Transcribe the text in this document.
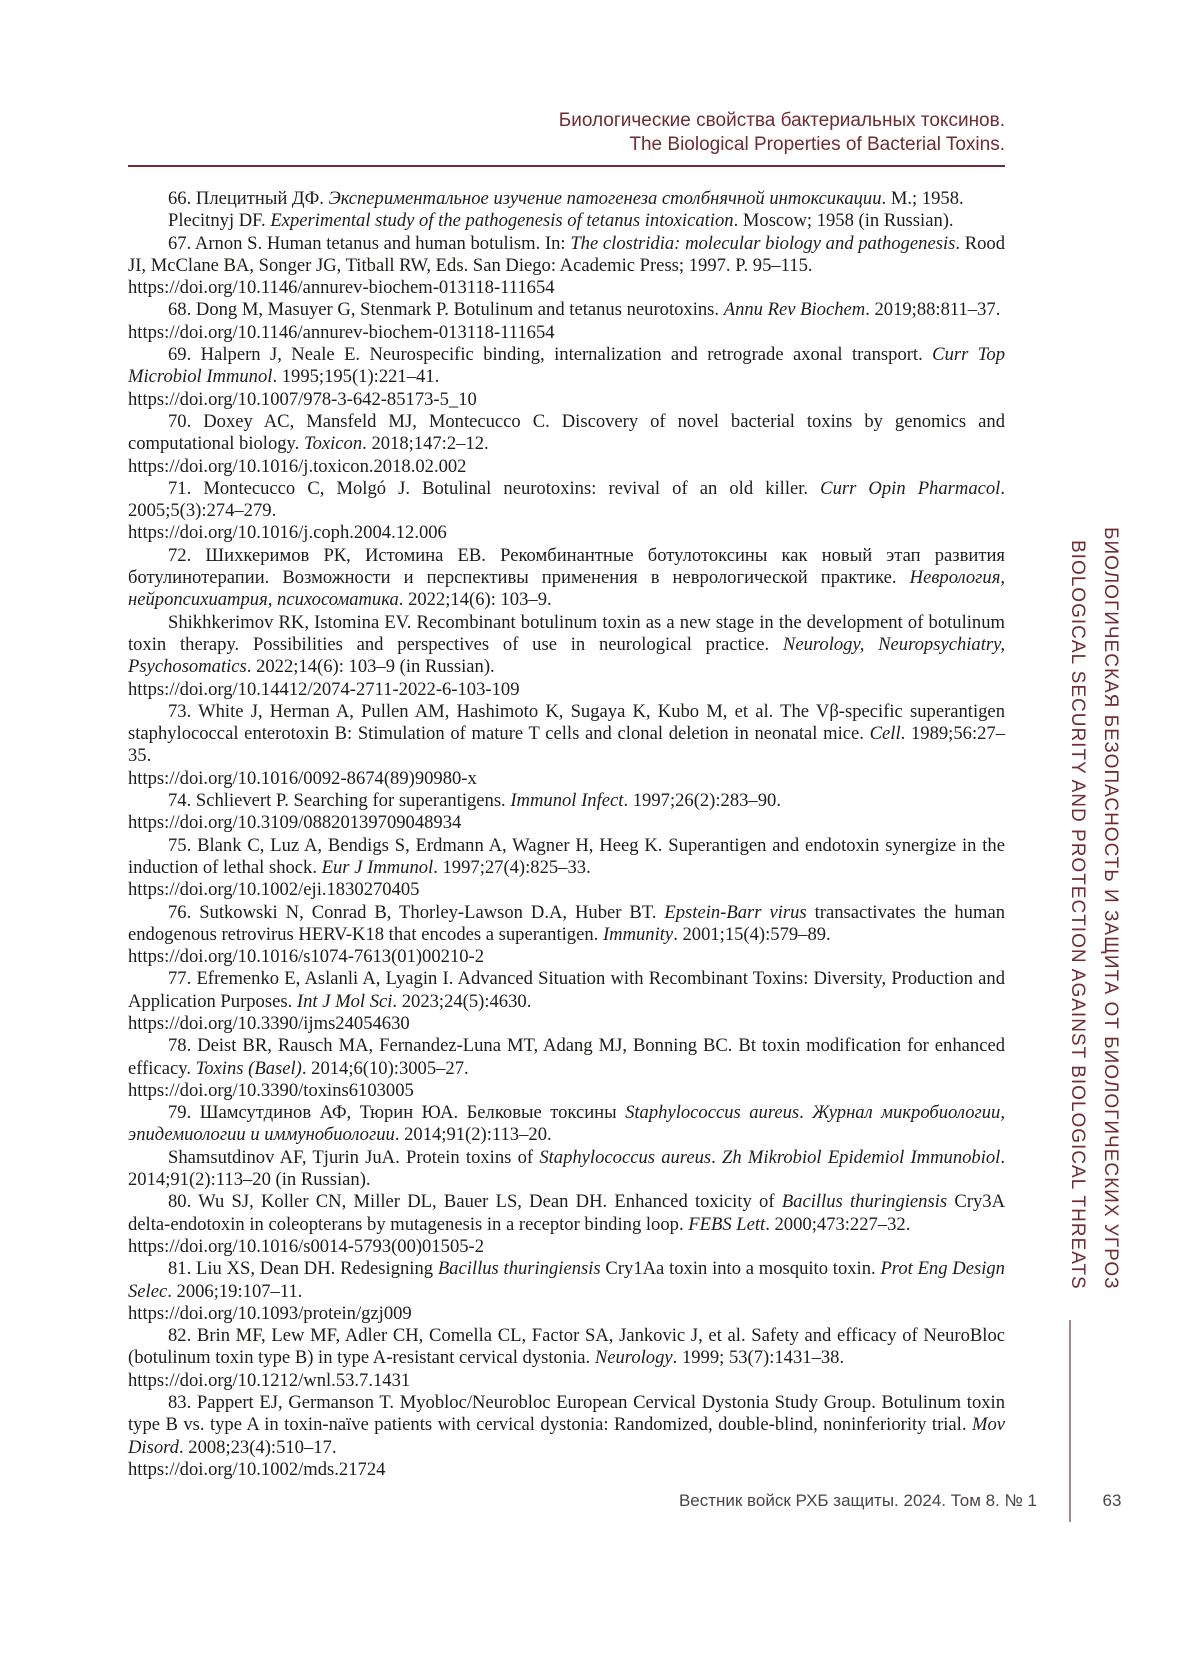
Биологические свойства бактериальных токсинов.
The Biological Properties of Bacterial Toxins.

66. Плецитный ДФ. Экспериментальное изучение патогенеза столбнячной интоксикации. М.; 1958.

Plecitnyj DF. Experimental study of the pathogenesis of tetanus intoxication. Moscow; 1958 (in Russian).

67. Arnon S. Human tetanus and human botulism. In: The clostridia: molecular biology and pathogenesis. Rood JI, McClane BA, Songer JG, Titball RW, Eds. San Diego: Academic Press; 1997. P. 95–115.

https://doi.org/10.1146/annurev-biochem-013118-111654

68. Dong M, Masuyer G, Stenmark P. Botulinum and tetanus neurotoxins. Annu Rev Biochem. 2019;88:811–37.

https://doi.org/10.1146/annurev-biochem-013118-111654

69. Halpern J, Neale E. Neurospecific binding, internalization and retrograde axonal transport. Curr Top Microbiol Immunol. 1995;195(1):221–41.

https://doi.org/10.1007/978-3-642-85173-5_10

70. Doxey AC, Mansfeld MJ, Montecucco C. Discovery of novel bacterial toxins by genomics and computational biology. Toxicon. 2018;147:2–12.

https://doi.org/10.1016/j.toxicon.2018.02.002

71. Montecucco C, Molgó J. Botulinal neurotoxins: revival of an old killer. Curr Opin Pharmacol. 2005;5(3):274–279.

https://doi.org/10.1016/j.coph.2004.12.006

72. Шихкеримов РК, Истомина ЕВ. Рекомбинантные ботулотоксины как новый этап развития ботулинотерапии. Возможности и перспективы применения в неврологической практике. Неврология, нейропсихиатрия, психосоматика. 2022;14(6): 103–9.

Shikhkerimov RK, Istomina EV. Recombinant botulinum toxin as a new stage in the development of botulinum toxin therapy. Possibilities and perspectives of use in neurological practice. Neurology, Neuropsychiatry, Psychosomatics. 2022;14(6): 103–9 (in Russian).

https://doi.org/10.14412/2074-2711-2022-6-103-109

73. White J, Herman A, Pullen AM, Hashimoto K, Sugaya K, Kubo M, et al. The Vβ-specific superantigen staphylococcal enterotoxin B: Stimulation of mature T cells and clonal deletion in neonatal mice. Cell. 1989;56:27–35.

https://doi.org/10.1016/0092-8674(89)90980-x

74. Schlievert P. Searching for superantigens. Immunol Infect. 1997;26(2):283–90.

https://doi.org/10.3109/08820139709048934

75. Blank C, Luz A, Bendigs S, Erdmann A, Wagner H, Heeg K. Superantigen and endotoxin synergize in the induction of lethal shock. Eur J Immunol. 1997;27(4):825–33.

https://doi.org/10.1002/eji.1830270405

76. Sutkowski N, Conrad B, Thorley-Lawson D.A, Huber BT. Epstein-Barr virus transactivates the human endogenous retrovirus HERV-K18 that encodes a superantigen. Immunity. 2001;15(4):579–89.

https://doi.org/10.1016/s1074-7613(01)00210-2

77. Efremenko E, Aslanli A, Lyagin I. Advanced Situation with Recombinant Toxins: Diversity, Production and Application Purposes. Int J Mol Sci. 2023;24(5):4630.

https://doi.org/10.3390/ijms24054630

78. Deist BR, Rausch MA, Fernandez-Luna MT, Adang MJ, Bonning BC. Bt toxin modification for enhanced efficacy. Toxins (Basel). 2014;6(10):3005–27.

https://doi.org/10.3390/toxins6103005

79. Шамсутдинов АФ, Тюрин ЮА. Белковые токсины Staphylococcus aureus. Журнал микробиологии, эпидемиологии и иммунобиологии. 2014;91(2):113–20.

Shamsutdinov AF, Tjurin JuA. Protein toxins of Staphylococcus aureus. Zh Mikrobiol Epidemiol Immunobiol. 2014;91(2):113–20 (in Russian).

80. Wu SJ, Koller CN, Miller DL, Bauer LS, Dean DH. Enhanced toxicity of Bacillus thuringiensis Cry3A delta-endotoxin in coleopterans by mutagenesis in a receptor binding loop. FEBS Lett. 2000;473:227–32.

https://doi.org/10.1016/s0014-5793(00)01505-2

81. Liu XS, Dean DH. Redesigning Bacillus thuringiensis Cry1Aa toxin into a mosquito toxin. Prot Eng Design Selec. 2006;19:107–11.

https://doi.org/10.1093/protein/gzj009

82. Brin MF, Lew MF, Adler CH, Comella CL, Factor SA, Jankovic J, et al. Safety and efficacy of NeuroBloc (botulinum toxin type B) in type A-resistant cervical dystonia. Neurology. 1999; 53(7):1431–38.

https://doi.org/10.1212/wnl.53.7.1431

83. Pappert EJ, Germanson T. Myobloc/Neurobloc European Cervical Dystonia Study Group. Botulinum toxin type B vs. type A in toxin-naïve patients with cervical dystonia: Randomized, double-blind, noninferiority trial. Mov Disord. 2008;23(4):510–17.

https://doi.org/10.1002/mds.21724

БИОЛОГИЧЕСКАЯ БЕЗОПАСНОСТЬ И ЗАЩИТА ОТ БИОЛОГИЧЕСКИХ УГРОЗ
BIOLOGICAL SECURITY AND PROTECTION AGAINST BIOLOGICAL THREATS
Вестник войск РХБ защиты. 2024. Том 8. № 1	63
